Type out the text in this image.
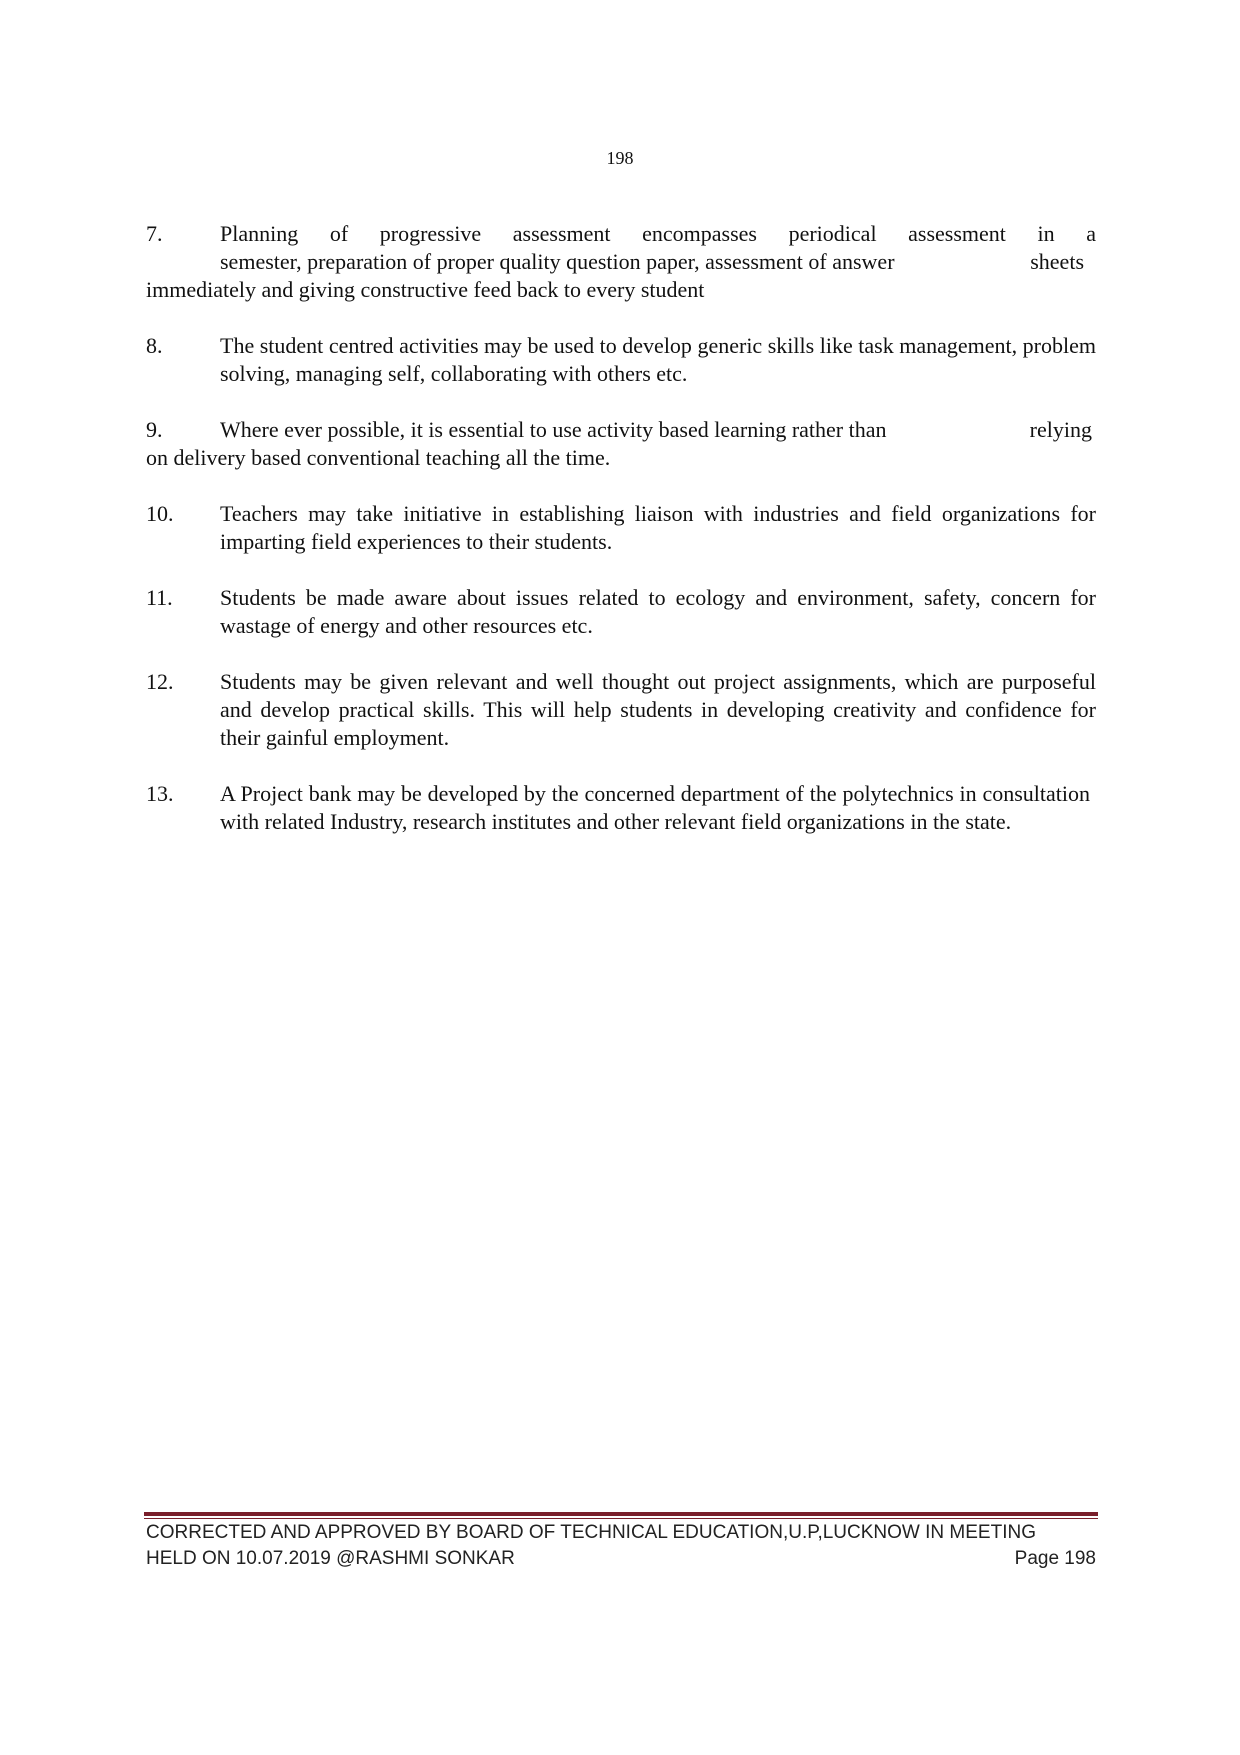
198
7.	Planning of progressive assessment encompasses periodical assessment in a
semester, preparation of proper quality question paper, assessment of answer	sheets
immediately and giving constructive feed back to every student
8.	The student centred activities may be used to develop generic skills like task management, problem solving, managing self, collaborating with others etc.
9.	Where ever possible, it is essential to use activity based learning rather than	relying
on delivery based conventional teaching all the time.
10. Teachers may take initiative in establishing liaison with industries and field organizations for imparting field experiences to their students.
11. Students be made aware about issues related to ecology and environment, safety, concern for wastage of energy and other resources etc.
12. Students may be given relevant and well thought out project assignments, which are purposeful and develop practical skills. This will help students in developing creativity and confidence for their gainful employment.
13. A Project bank may be developed by the concerned department of the polytechnics in consultation with related Industry, research institutes and other relevant field organizations in the state.
CORRECTED AND APPROVED BY BOARD OF TECHNICAL EDUCATION,U.P,LUCKNOW IN MEETING
HELD ON 10.07.2019 @RASHMI SONKAR	Page 198
